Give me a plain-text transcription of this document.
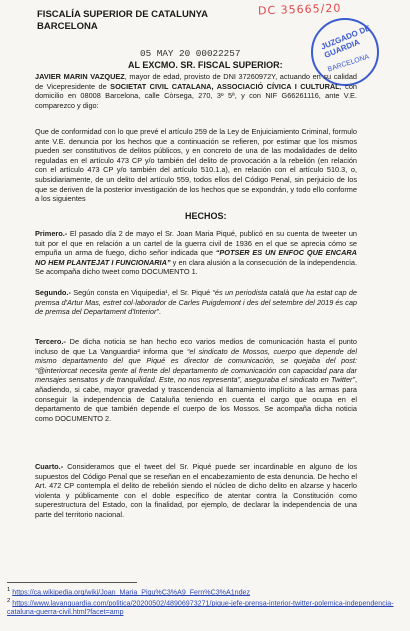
DC 35665/20
JUZGADO DE GUARDIA
BARCELONA
FISCALÍA SUPERIOR DE CATALUNYA
BARCELONA
05 MAY 20 00022257
AL EXCMO. SR. FISCAL SUPERIOR:

JAVIER MARIN VAZQUEZ, mayor de edad, provisto de DNI 37260972Y, actuando en su calidad de Vicepresidente de SOCIETAT CIVIL CATALANA, ASSOCIACIÓ CÍVICA I CULTURAL, con domicilio en 08008 Barcelona, calle Còrsega, 270, 3º 5ª, y con NIF G66261116, ante V.E. comparezco y digo:

Que de conformidad con lo que prevé el artículo 259 de la Ley de Enjuiciamiento Criminal, formulo ante V.E. denuncia por los hechos que a continuación se refieren, por estimar que los mismos pueden ser constitutivos de delitos públicos, y en concreto de una de las modalidades de delito reguladas en el artículo 473 CP y/o también del delito de provocación a la rebelión (en relación con el artículo 473 CP y/o también del artículo 510.1.a), en relación con el artículo 510.3, o, subsidiariamente, de un delito del artículo 559, todos ellos del Código Penal, sin perjuicio de los que se deriven de la posterior investigación de los hechos que se expondrán, y todo ello conforme a los siguientes

HECHOS:

Primero.- El pasado día 2 de mayo el Sr. Joan Maria Piqué, publicó en su cuenta de tweeter un tuit por el que en relación a un cartel de la guerra civil de 1936 en el que se aprecia cómo se empuña un arma de fuego, dicho señor indicada que “POTSER ES UN ENFOC QUE ENCARA NO HEM PLANTEJAT I FUNCIONARIA” y en clara alusión a la consecución de la independencia. Se acompaña dicho tweet como DOCUMENTO 1.

Segundo.- Según consta en Viquipedia¹, el Sr. Piqué “és un periodista català que ha estat cap de premsa d'Artur Mas, estret col·laborador de Carles Puigdemont i des del setembre del 2019 és cap de premsa del Departament d'Interior”.

Tercero.- De dicha noticia se han hecho eco varios medios de comunicación hasta el punto incluso de que La Vanguardia² informa que “el sindicato de Mossos, cuerpo que depende del mismo departamento del que Piqué es director de comunicación, se quejaba del post: “@interiorcat necesita gente al frente del departamento de comunicación con capacidad para dar mensajes sensatos y de tranquilidad. Este, no nos representa”, aseguraba el sindicato en Twitter”, añadiendo, si cabe, mayor gravedad y trascendencia al llamamiento implícito a las armas para conseguir la independencia de Cataluña teniendo en cuenta el cargo que ocupa en el departamento de que también depende el cuerpo de los Mossos. Se acompaña dicha noticia como DOCUMENTO 2.

Cuarto.- Consideramos que el tweet del Sr. Piqué puede ser incardinable en alguno de los supuestos del Código Penal que se reseñan en el encabezamiento de esta denuncia. De hecho el Art. 472 CP contempla el delito de rebelión siendo el núcleo de dicho delito en alzarse y hacerlo violenta y públicamente con el doble específico de atentar contra la Constitución como superestructura del Estado, con la finalidad, por ejemplo, de declarar la independencia de una parte del territorio nacional.

$^1$ https://ca.wikipedia.org/wiki/Joan_Maria_Piqu%C3%A9_Fern%C3%A1ndez

$^2$ https://www.lavanguardia.com/politica/20200502/48906973271/pique-jefe-prensa-interior-twitter-polemica-independencia-cataluna-guerra-civil.html?facet=amp
